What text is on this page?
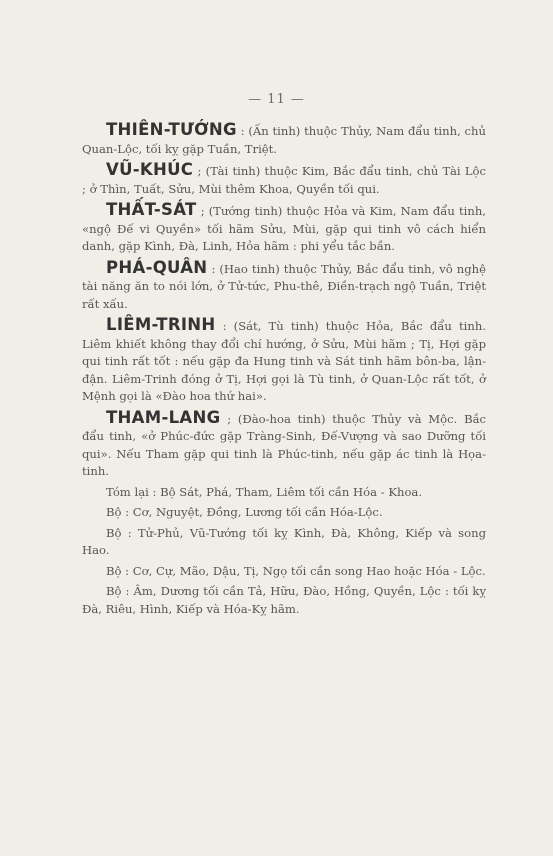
— 11 —

THIÊN-TƯỚNG : (Ấn tinh) thuộc Thủy, Nam đẩu tinh, chủ Quan-Lộc, tối kỵ gặp Tuần, Triệt.

VŨ-KHÚC ; (Tài tinh) thuộc Kim, Bắc đẩu tinh, chủ Tài Lộc ; ở Thìn, Tuất, Sửu, Mùi thêm Khoa, Quyền tối qui.

THẤT-SÁT ; (Tướng tinh) thuộc Hỏa và Kim, Nam đẩu tinh, «ngộ Đế vi Quyền» tối hãm Sửu, Mùi, gặp qui tinh vô cách hiển danh, gặp Kình, Đà, Linh, Hỏa hãm : phi yểu tắc bần.

PHÁ-QUÂN : (Hao tinh) thuộc Thủy, Bắc đẩu tinh, vô nghệ tài năng ăn to nói lớn, ở Tử-tức, Phu-thê, Điền-trạch ngộ Tuần, Triệt rất xấu.

LIÊM-TRINH : (Sát, Tù tinh) thuộc Hỏa, Bắc đẩu tinh. Liêm khiết không thay đổi chí hướng, ở Sửu, Mùi hãm ; Tị, Hợi gặp qui tinh rất tốt : nếu gặp đa Hung tinh và Sát tinh hãm bôn-ba, lận-đận. Liêm-Trinh đóng ở Tị, Hợi gọi là Tù tinh, ở Quan-Lộc rất tốt, ở Mệnh gọi là «Đào hoa thứ hai».

THAM-LANG ; (Đào-hoa tinh) thuộc Thủy và Mộc. Bắc đẩu tinh, «ở Phúc-đức gặp Tràng-Sinh, Đế-Vượng và sao Dưỡng tối qui». Nếu Tham gặp qui tinh là Phúc-tinh, nếu gặp ác tinh là Họa-tinh.

Tóm lại : Bộ Sát, Phá, Tham, Liêm tối cần Hóa - Khoa.

Bộ : Cơ, Nguyệt, Đồng, Lương tối cần Hóa-Lộc.

Bộ : Tử-Phủ, Vũ-Tướng tối kỵ Kình, Đà, Không, Kiếp và song Hao.

Bộ : Cơ, Cự, Mão, Dậu, Tị, Ngọ tối cần song Hao hoặc Hóa - Lộc.

Bộ : Âm, Dương tối cần Tả, Hữu, Đào, Hồng, Quyền, Lộc : tối kỵ Đà, Riêu, Hình, Kiếp và Hóa-Kỵ hãm.
